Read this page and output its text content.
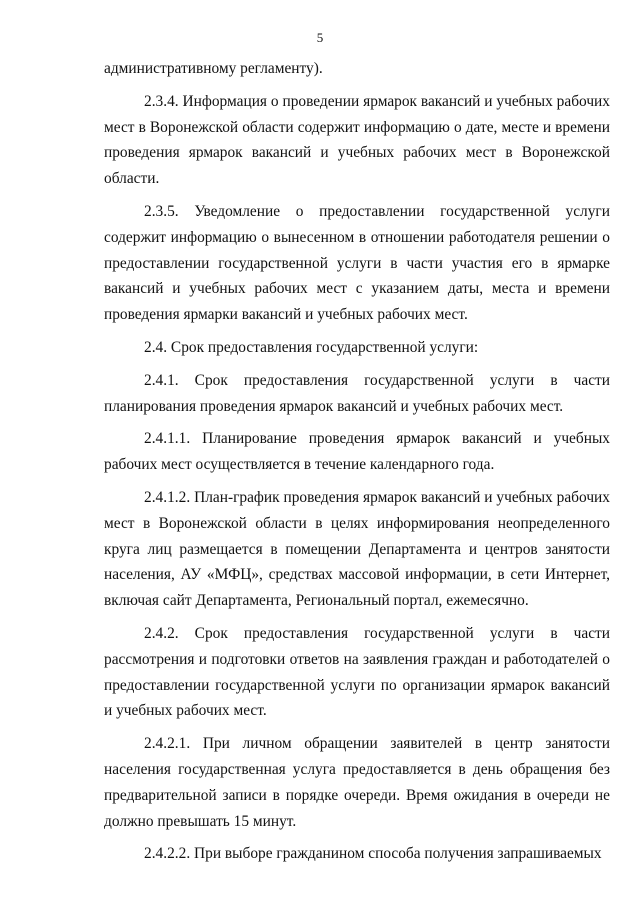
5

административному регламенту).

2.3.4. Информация о проведении ярмарок вакансий и учебных рабочих мест в Воронежской области содержит информацию о дате, месте и времени проведения ярмарок вакансий и учебных рабочих мест в Воронежской области.

2.3.5. Уведомление о предоставлении государственной услуги содержит информацию о вынесенном в отношении работодателя решении о предоставлении государственной услуги в части участия его в ярмарке вакансий и учебных рабочих мест с указанием даты, места и времени проведения ярмарки вакансий и учебных рабочих мест.

2.4. Срок предоставления государственной услуги:

2.4.1. Срок предоставления государственной услуги в части планирования проведения ярмарок вакансий и учебных рабочих мест.

2.4.1.1. Планирование проведения ярмарок вакансий и учебных рабочих мест осуществляется в течение календарного года.

2.4.1.2. План-график проведения ярмарок вакансий и учебных рабочих мест в Воронежской области в целях информирования неопределенного круга лиц размещается в помещении Департамента и центров занятости населения, АУ «МФЦ», средствах массовой информации, в сети Интернет, включая сайт Департамента, Региональный портал, ежемесячно.

2.4.2. Срок предоставления государственной услуги в части рассмотрения и подготовки ответов на заявления граждан и работодателей о предоставлении государственной услуги по организации ярмарок вакансий и учебных рабочих мест.

2.4.2.1. При личном обращении заявителей в центр занятости населения государственная услуга предоставляется в день обращения без предварительной записи в порядке очереди. Время ожидания в очереди не должно превышать 15 минут.

2.4.2.2. При выборе гражданином способа получения запрашиваемых
